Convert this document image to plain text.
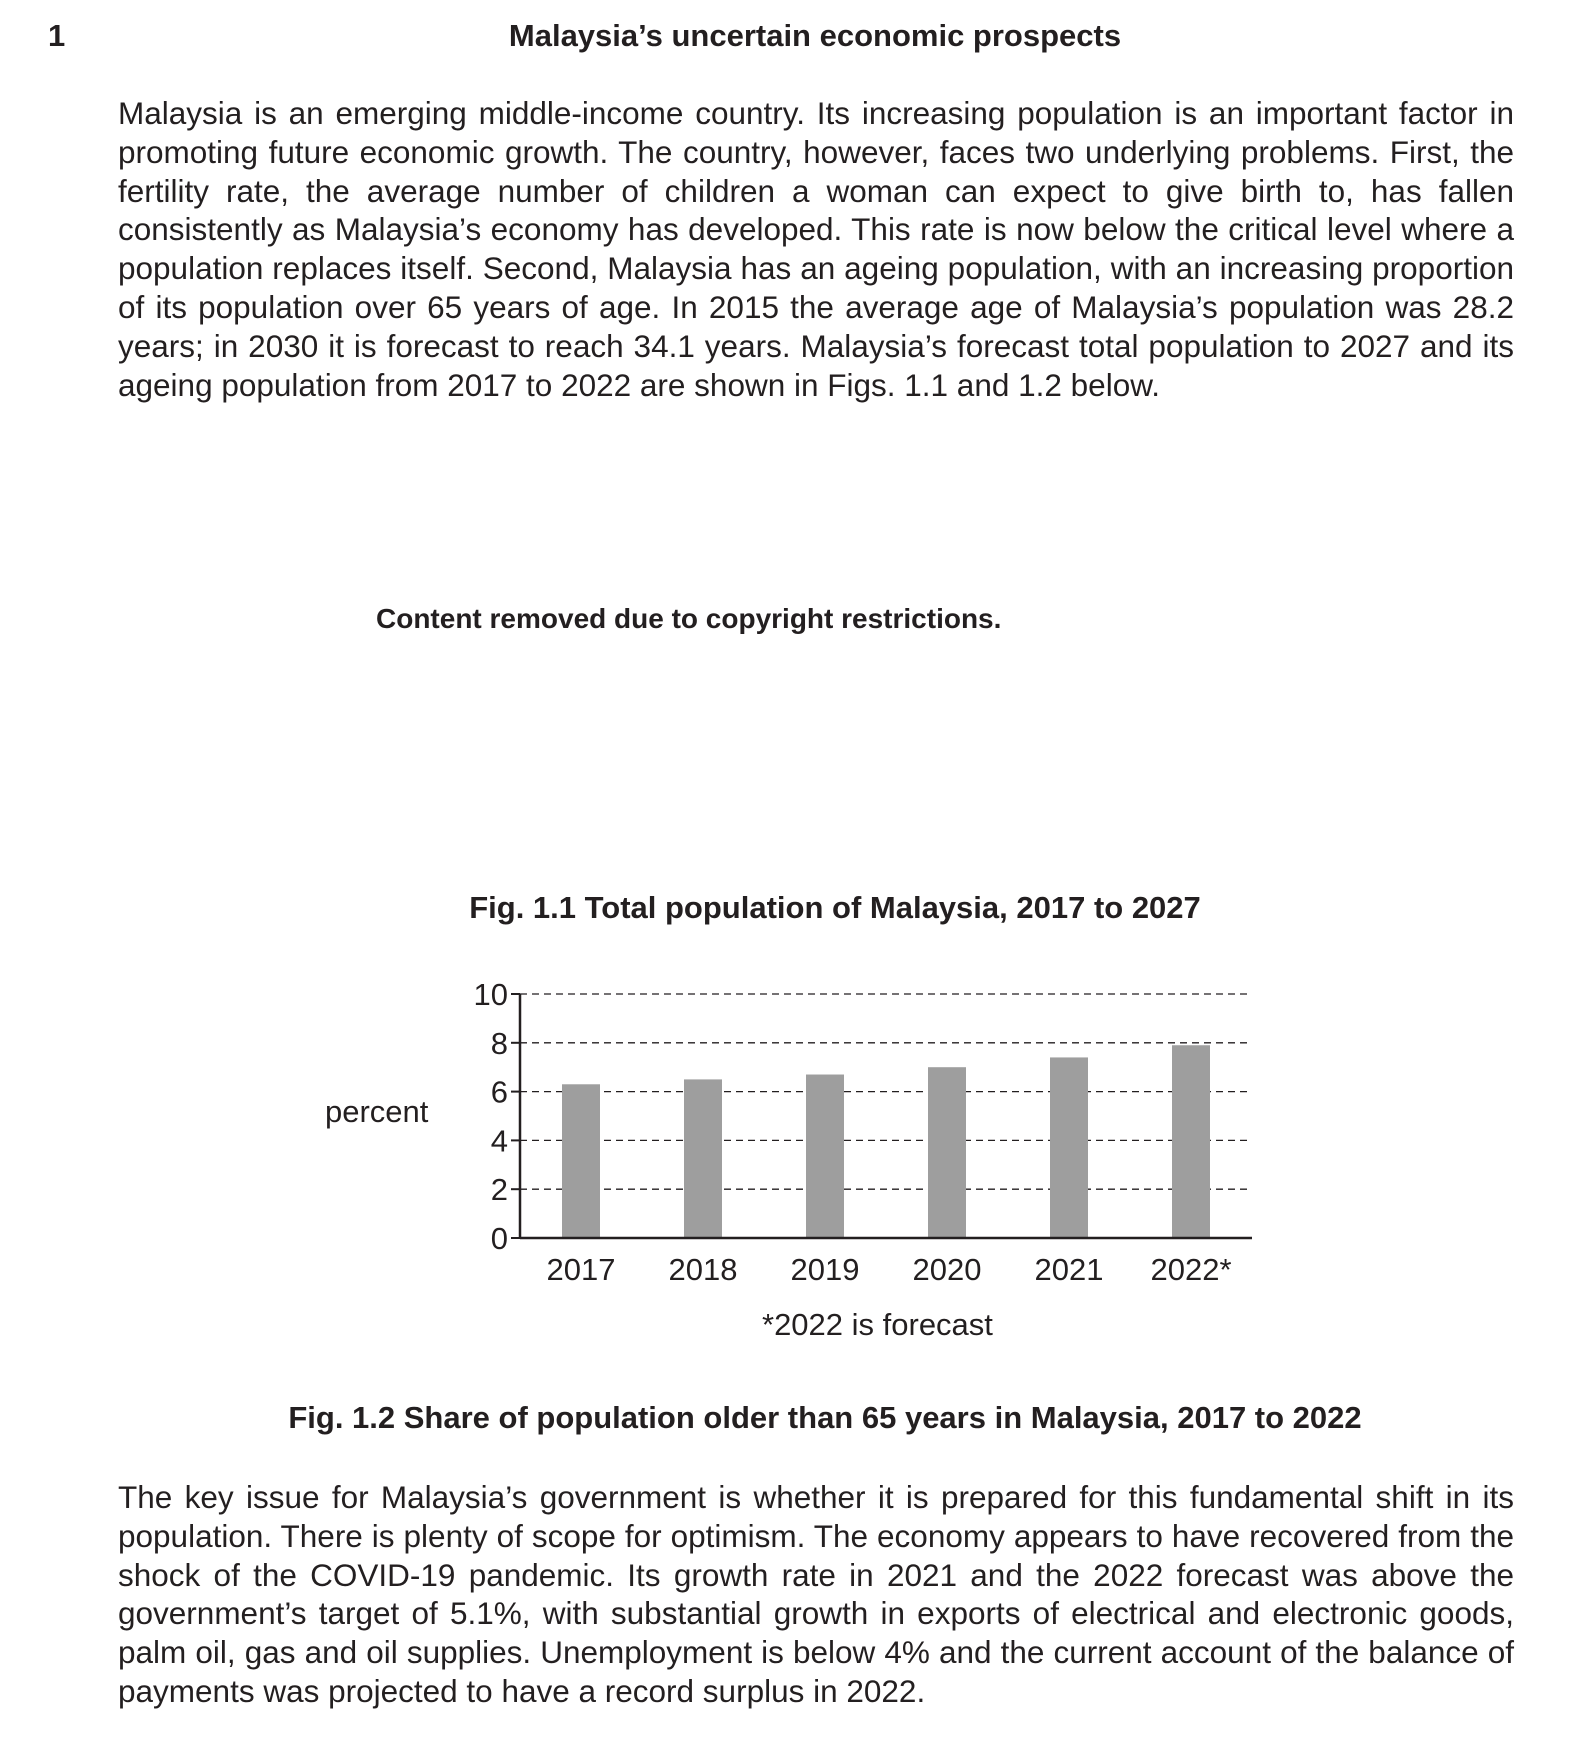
1	Malaysia’s uncertain economic prospects

Malaysia is an emerging middle-income country. Its increasing population is an important factor in promoting future economic growth. The country, however, faces two underlying problems. First, the fertility rate, the average number of children a woman can expect to give birth to, has fallen consistently as Malaysia’s economy has developed. This rate is now below the critical level where a population replaces itself. Second, Malaysia has an ageing population, with an increasing proportion of its population over 65 years of age. In 2015 the average age of Malaysia’s population was 28.2 years; in 2030 it is forecast to reach 34.1 years. Malaysia’s forecast total population to 2027 and its ageing population from 2017 to 2022 are shown in Figs. 1.1 and 1.2 below.

Content removed due to copyright restrictions.
Fig. 1.1 Total population of Malaysia, 2017 to 2027
percent
0
2
4
6
8
10
2017 2018 2019 2020 2021 2022*
*2022 is forecast
Fig. 1.2 Share of population older than 65 years in Malaysia, 2017 to 2022

The key issue for Malaysia’s government is whether it is prepared for this fundamental shift in its population. There is plenty of scope for optimism. The economy appears to have recovered from the shock of the COVID-19 pandemic. Its growth rate in 2021 and the 2022 forecast was above the government’s target of 5.1%, with substantial growth in exports of electrical and electronic goods, palm oil, gas and oil supplies. Unemployment is below 4% and the current account of the balance of payments was projected to have a record surplus in 2022.
